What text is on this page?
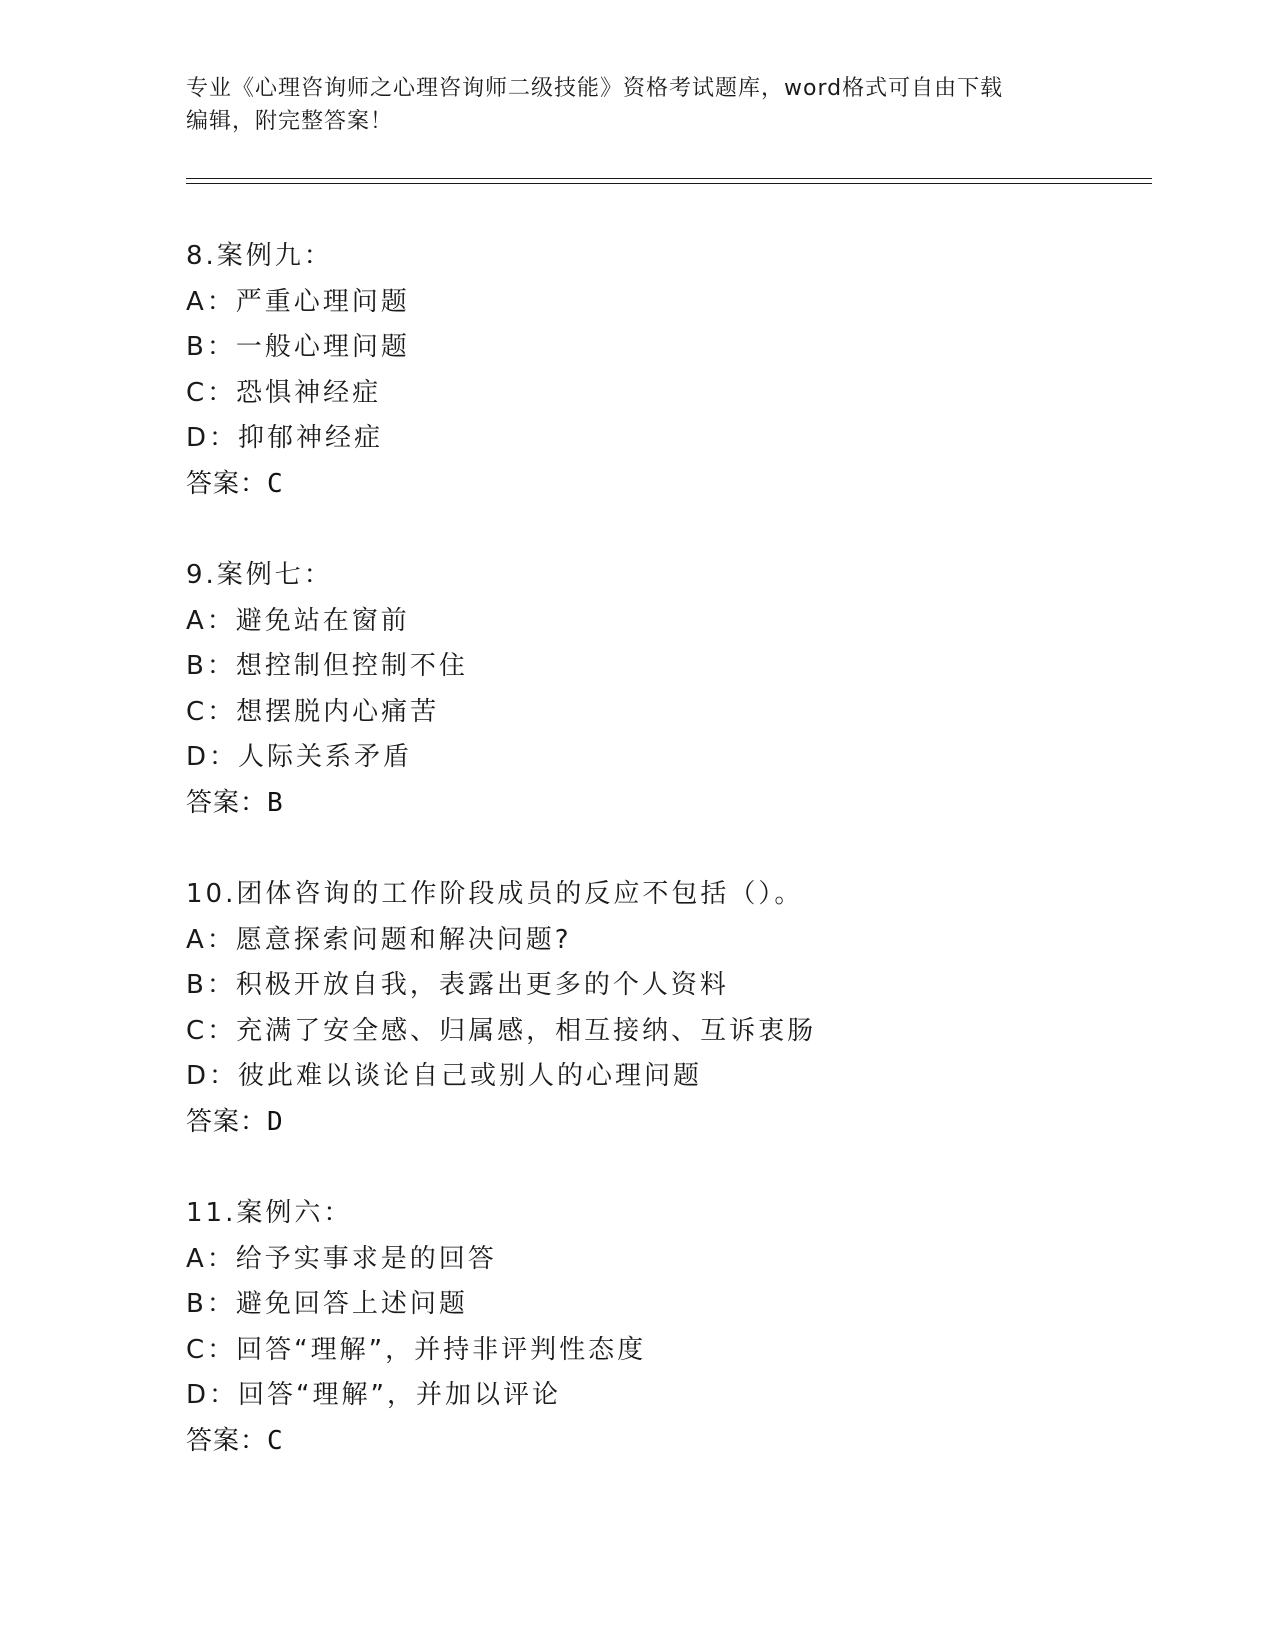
专业《心理咨询师之心理咨询师二级技能》资格考试题库，word格式可自由下载
编辑，附完整答案！
8.案例九：
A：严重心理问题
B：一般心理问题
C：恐惧神经症
D：抑郁神经症
答案：C
9.案例七：
A：避免站在窗前
B：想控制但控制不住
C：想摆脱内心痛苦
D：人际关系矛盾
答案：B
10.团体咨询的工作阶段成员的反应不包括（）。
A：愿意探索问题和解决问题?
B：积极开放自我，表露出更多的个人资料
C：充满了安全感、归属感，相互接纳、互诉衷肠
D：彼此难以谈论自己或别人的心理问题
答案：D
11.案例六：
A：给予实事求是的回答
B：避免回答上述问题
C：回答“理解”，并持非评判性态度
D：回答“理解”，并加以评论
答案：C
